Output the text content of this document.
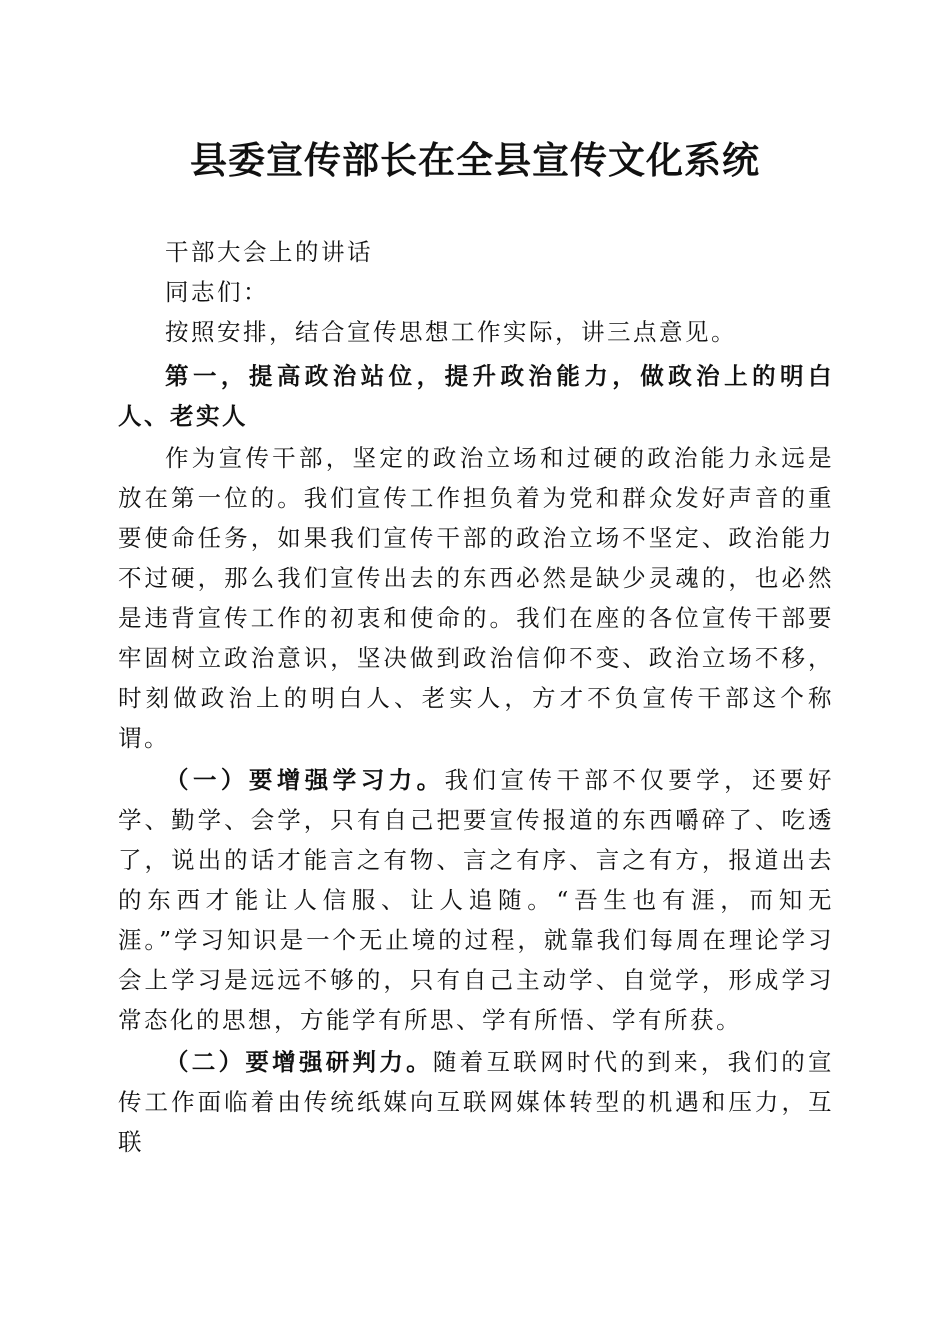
县委宣传部长在全县宣传文化系统

干部大会上的讲话

同志们：

按照安排，结合宣传思想工作实际，讲三点意见。

第一，提高政治站位，提升政治能力，做政治上的明白人、老实人

作为宣传干部，坚定的政治立场和过硬的政治能力永远是放在第一位的。我们宣传工作担负着为党和群众发好声音的重要使命任务，如果我们宣传干部的政治立场不坚定、政治能力不过硬，那么我们宣传出去的东西必然是缺少灵魂的，也必然是违背宣传工作的初衷和使命的。我们在座的各位宣传干部要牢固树立政治意识，坚决做到政治信仰不变、政治立场不移，时刻做政治上的明白人、老实人，方才不负宣传干部这个称谓。

（一）要增强学习力。我们宣传干部不仅要学，还要好学、勤学、会学，只有自己把要宣传报道的东西嚼碎了、吃透了，说出的话才能言之有物、言之有序、言之有方，报道出去的东西才能让人信服、让人追随。“吾生也有涯，而知无涯。”学习知识是一个无止境的过程，就靠我们每周在理论学习会上学习是远远不够的，只有自己主动学、自觉学，形成学习常态化的思想，方能学有所思、学有所悟、学有所获。

（二）要增强研判力。随着互联网时代的到来，我们的宣传工作面临着由传统纸媒向互联网媒体转型的机遇和压力，互联
